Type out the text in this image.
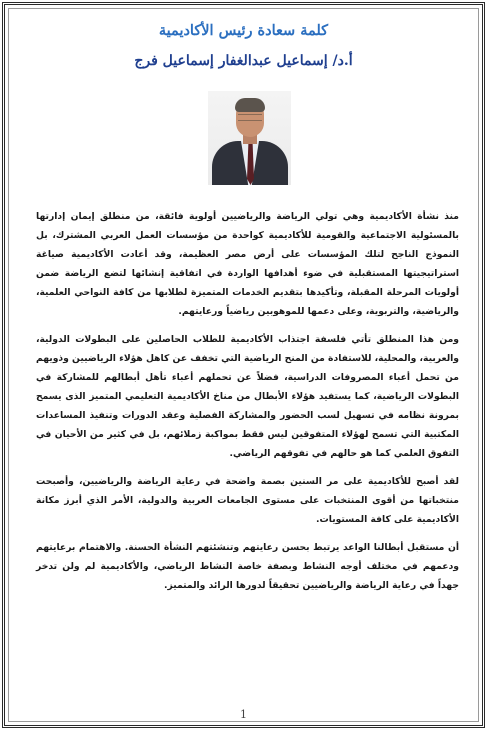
كلمة سعادة رئيس الأكاديمية
أ.د/ إسماعيل عبدالغفار إسماعيل فرج

منذ نشأة الأكاديمية وهي تولي الرياضة والرياضيين أولوية فائقة، من منطلق إيمان إدارتها بالمسئولية الاجتماعية والقومية للأكاديمية كواحدة من مؤسسات العمل العربي المشترك، بل النموذج الناجح لتلك المؤسسات على أرض مصر العظيمة، وقد أعادت الأكاديمية صياغة استراتيجيتها المستقبلية في ضوء أهدافها الواردة في اتفاقية إنشائها لتضع الرياضة ضمن أولويات المرحلة المقبلة، وتأكيدها بتقديم الخدمات المتميزة لطلابها من كافة النواحي العلمية، والرياضية، والتربوية، وعلى دعمها للموهوبين رياضياً ورعايتهم.

ومن هذا المنطلق تأتي فلسفة اجتذاب الأكاديمية للطلاب الحاصلين على البطولات الدولية، والعربية، والمحلية، للاستفادة من المنح الرياضية التي تخفف عن كاهل هؤلاء الرياضيين وذويهم من تحمل أعباء المصروفات الدراسية، فضلاً عن تحملهم أعباء تأهل أبطالهم للمشاركة في البطولات الرياضية، كما يستفيد هؤلاء الأبطال من مناخ الأكاديمية التعليمي المتميز الذى يسمح بمرونة نظامه في تسهيل لسب الحضور والمشاركة الفصلية وعقد الدورات وتنفيذ المساعدات المكتبية التي تسمح لهؤلاء المتفوقين ليس فقط بمواكبة زملائهم، بل في كثير من الأحيان في التفوق العلمي كما هو حالهم في تفوقهم الرياضي.

لقد أصبح للأكاديمية على مر السنين بصمة واضحة في رعاية الرياضة والرياضيين، وأصبحت منتخباتها من أقوى المنتخبات على مستوى الجامعات العربية والدولية، الأمر الذي أبرز مكانة الأكاديمية على كافة المستويات.

أن مستقبل أبطالنا الواعد يرتبط بحسن رعايتهم وتنشئتهم النشأة الحسنة. والاهتمام برعايتهم ودعمهم في مختلف أوجه النشاط وبصفة خاصة النشاط الرياضي، والأكاديمية لم ولن تدخر جهداً في رعاية الرياضة والرياضيين تحقيقاً لدورها الرائد والمتميز.

1
